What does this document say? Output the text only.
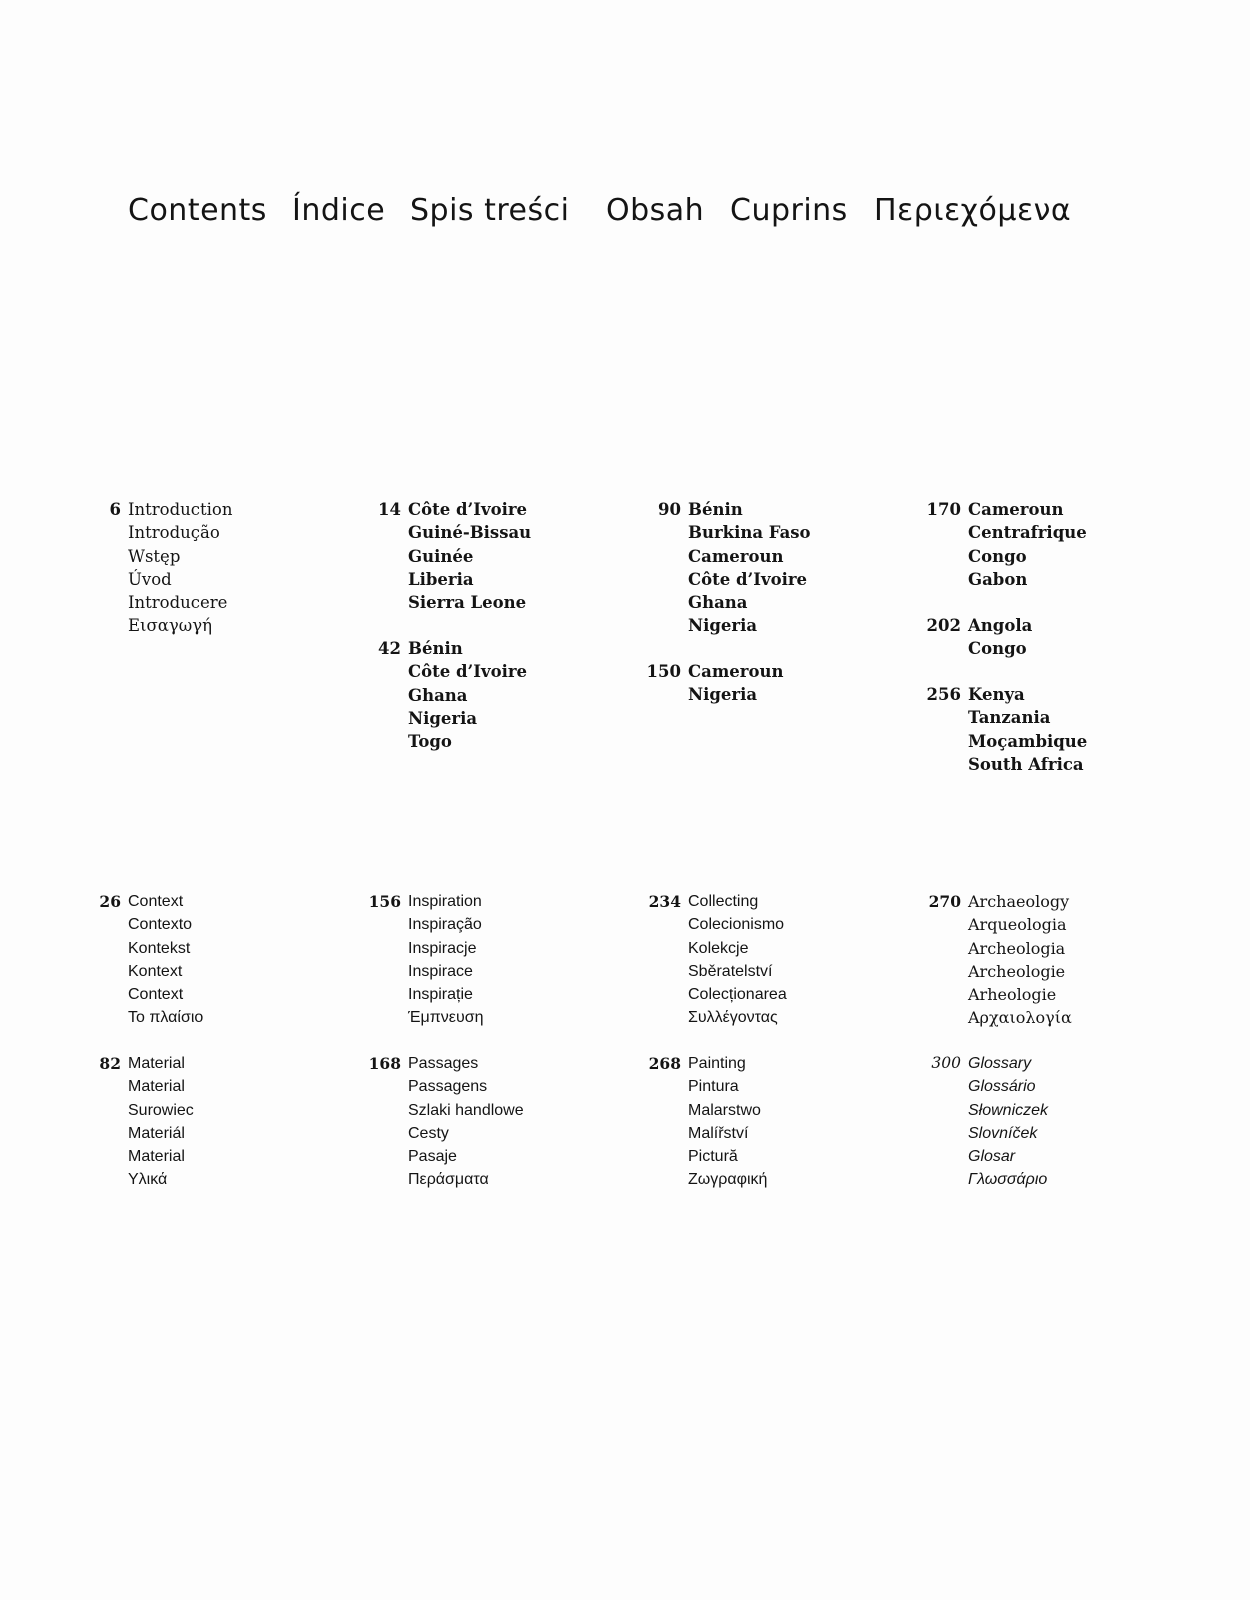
Contents Índice Spis treści Obsah Cuprins Περιεχόμενα
6 Introduction
Introdução
Wstęp
Úvod
Introducere
Εισαγωγή
14 Côte d’Ivoire
Guiné-Bissau
Guinée
Liberia
Sierra Leone
42 Bénin
Côte d’Ivoire
Ghana
Nigeria
Togo
90 Bénin
Burkina Faso
Cameroun
Côte d’Ivoire
Ghana
Nigeria
150 Cameroun
Nigeria
170 Cameroun
Centrafrique
Congo
Gabon
202 Angola
Congo
256 Kenya
Tanzania
Moçambique
South Africa
26 Context
Contexto
Kontekst
Kontext
Context
Το πλαίσιο
82 Material
Material
Surowiec
Materiál
Material
Υλικά
156 Inspiration
Inspiração
Inspiracje
Inspirace
Inspirație
Έμπνευση
168 Passages
Passagens
Szlaki handlowe
Cesty
Pasaje
Περάσματα
234 Collecting
Colecionismo
Kolekcje
Sběratelství
Colecționarea
Συλλέγοντας
268 Painting
Pintura
Malarstwo
Malířství
Pictură
Ζωγραφική
270 Archaeology
Arqueologia
Archeologia
Archeologie
Arheologie
Αρχαιολογία
300 Glossary
Glossário
Słowniczek
Slovníček
Glosar
Γλωσσάριο
